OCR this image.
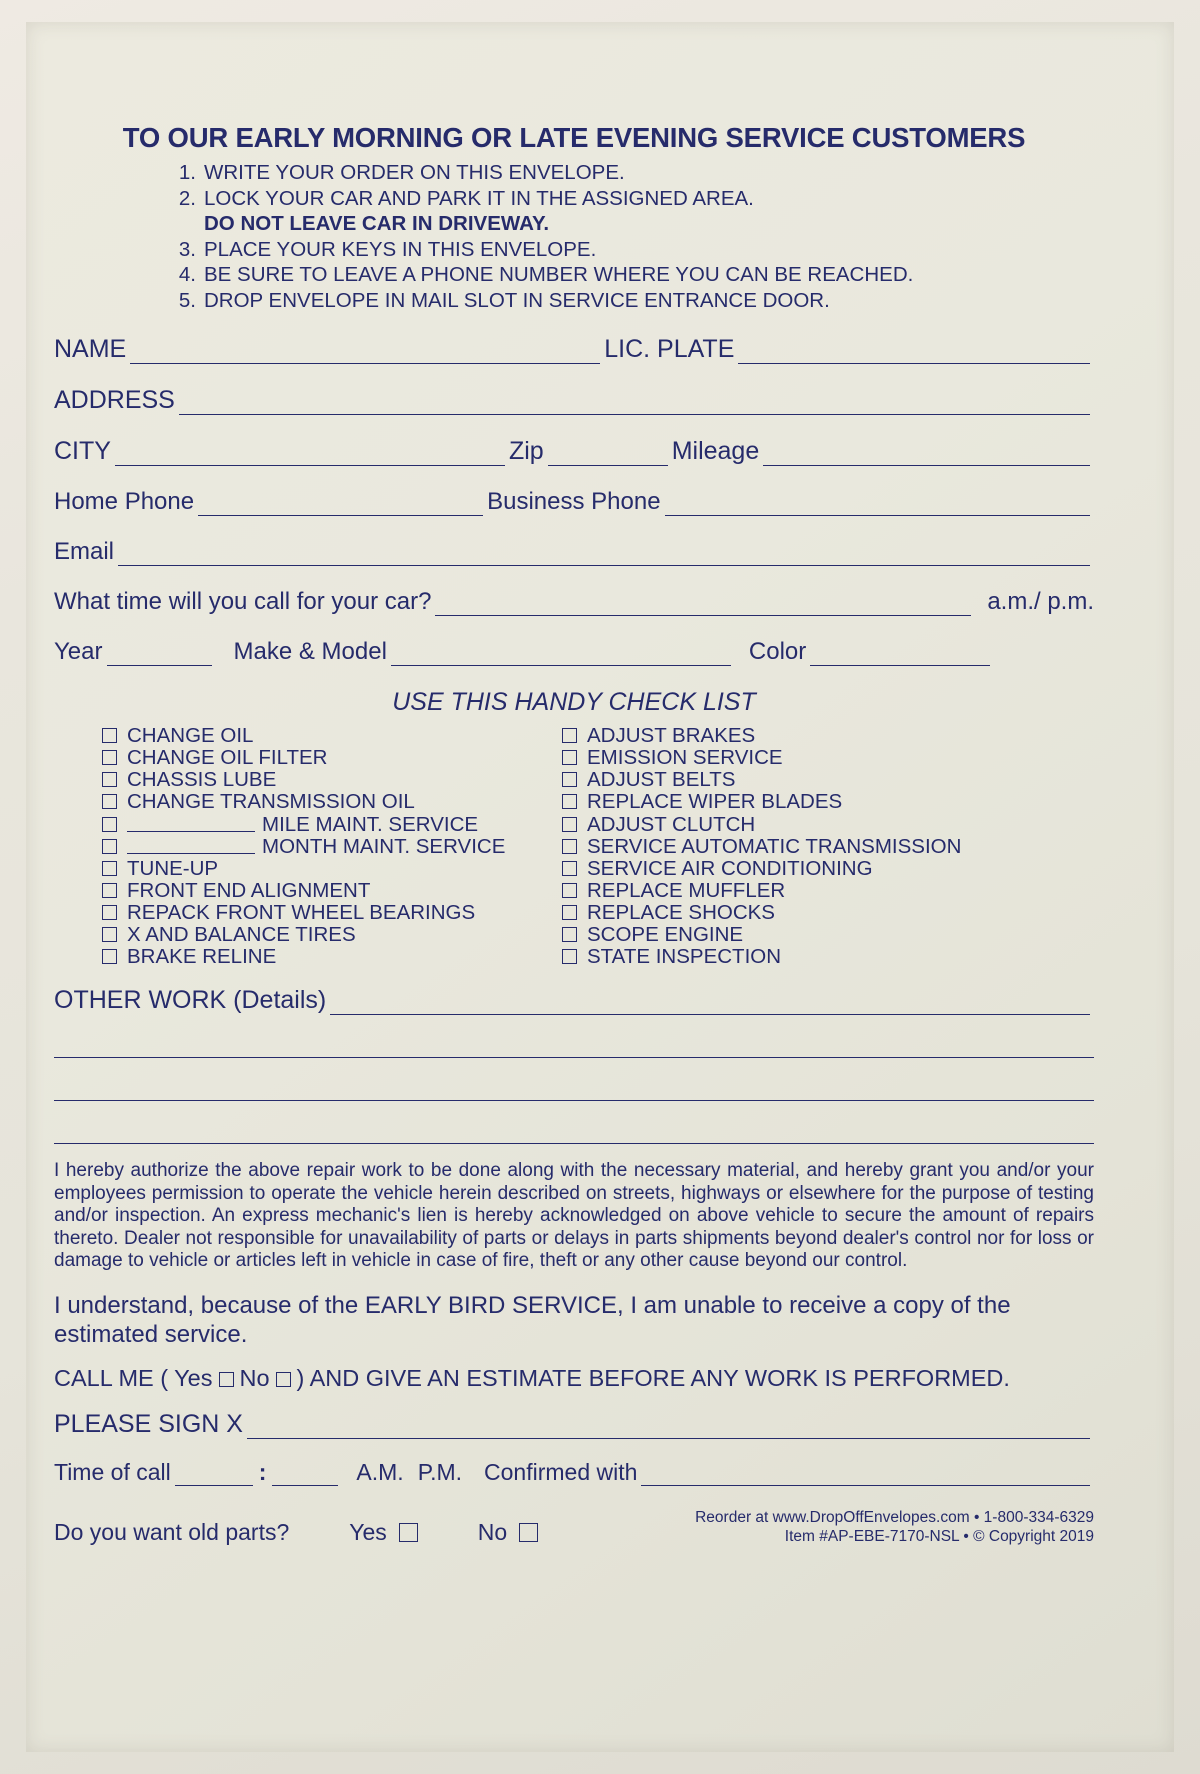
TO OUR EARLY MORNING OR LATE EVENING SERVICE CUSTOMERS
1. WRITE YOUR ORDER ON THIS ENVELOPE.
2. LOCK YOUR CAR AND PARK IT IN THE ASSIGNED AREA.
DO NOT LEAVE CAR IN DRIVEWAY.
3. PLACE YOUR KEYS IN THIS ENVELOPE.
4. BE SURE TO LEAVE A PHONE NUMBER WHERE YOU CAN BE REACHED.
5. DROP ENVELOPE IN MAIL SLOT IN SERVICE ENTRANCE DOOR.
NAME	LIC. PLATE
ADDRESS
CITY	Zip	Mileage
Home Phone	Business Phone
Email
What time will you call for your car?	a.m./ p.m.
Year	Make & Model	Color
USE THIS HANDY CHECK LIST
CHANGE OIL
CHANGE OIL FILTER
CHASSIS LUBE
CHANGE TRANSMISSION OIL
MILE MAINT. SERVICE
MONTH MAINT. SERVICE
TUNE-UP
FRONT END ALIGNMENT
REPACK FRONT WHEEL BEARINGS
X AND BALANCE TIRES
BRAKE RELINE
ADJUST BRAKES
EMISSION SERVICE
ADJUST BELTS
REPLACE WIPER BLADES
ADJUST CLUTCH
SERVICE AUTOMATIC TRANSMISSION
SERVICE AIR CONDITIONING
REPLACE MUFFLER
REPLACE SHOCKS
SCOPE ENGINE
STATE INSPECTION
OTHER WORK (Details)
I hereby authorize the above repair work to be done along with the necessary material, and hereby grant you and/or your employees permission to operate the vehicle herein described on streets, highways or elsewhere for the purpose of testing and/or inspection. An express mechanic's lien is hereby acknowledged on above vehicle to secure the amount of repairs thereto. Dealer not responsible for unavailability of parts or delays in parts shipments beyond dealer's control nor for loss or damage to vehicle or articles left in vehicle in case of fire, theft or any other cause beyond our control.
I understand, because of the EARLY BIRD SERVICE, I am unable to receive a copy of the estimated service.
CALL ME ( Yes No ) AND GIVE AN ESTIMATE BEFORE ANY WORK IS PERFORMED.
PLEASE SIGN X
Time of call	:	A.M. P.M. Confirmed with
Do you want old parts?	Yes	No
Reorder at www.DropOffEnvelopes.com • 1-800-334-6329
Item #AP-EBE-7170-NSL • © Copyright 2019
